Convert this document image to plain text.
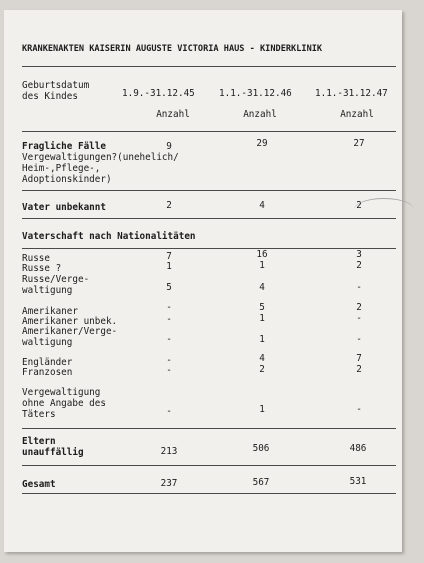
KRANKENAKTEN KAISERIN AUGUSTE VICTORIA HAUS - KINDERKLINIK
Geburtsdatum
des Kindes	1.9.-31.12.45	1.1.-31.12.46 1.1.-31.12.47
Anzahl	Anzahl	Anzahl
Fragliche Fälle
Vergewaltigungen?(unehelich/
Heim-,Pflege-,
Adoptionskinder)
9	29	27
Vater unbekannt	2	4	2
Vaterschaft nach Nationalitäten
Russe	7	16	3
Russe ?	1	1	2
Russe/Verge-
waltigung	5	4	-
Amerikaner	-	5	2
Amerikaner unbek.	-	1	-
Amerikaner/Verge-
waltigung	-	1	-
Engländer	-	4	7
Franzosen	-	2	2
Vergewaltigung
ohne Angabe des
Täters	-	1	-
Eltern
unauffällig	213	506	486
Gesamt	237	567	531
